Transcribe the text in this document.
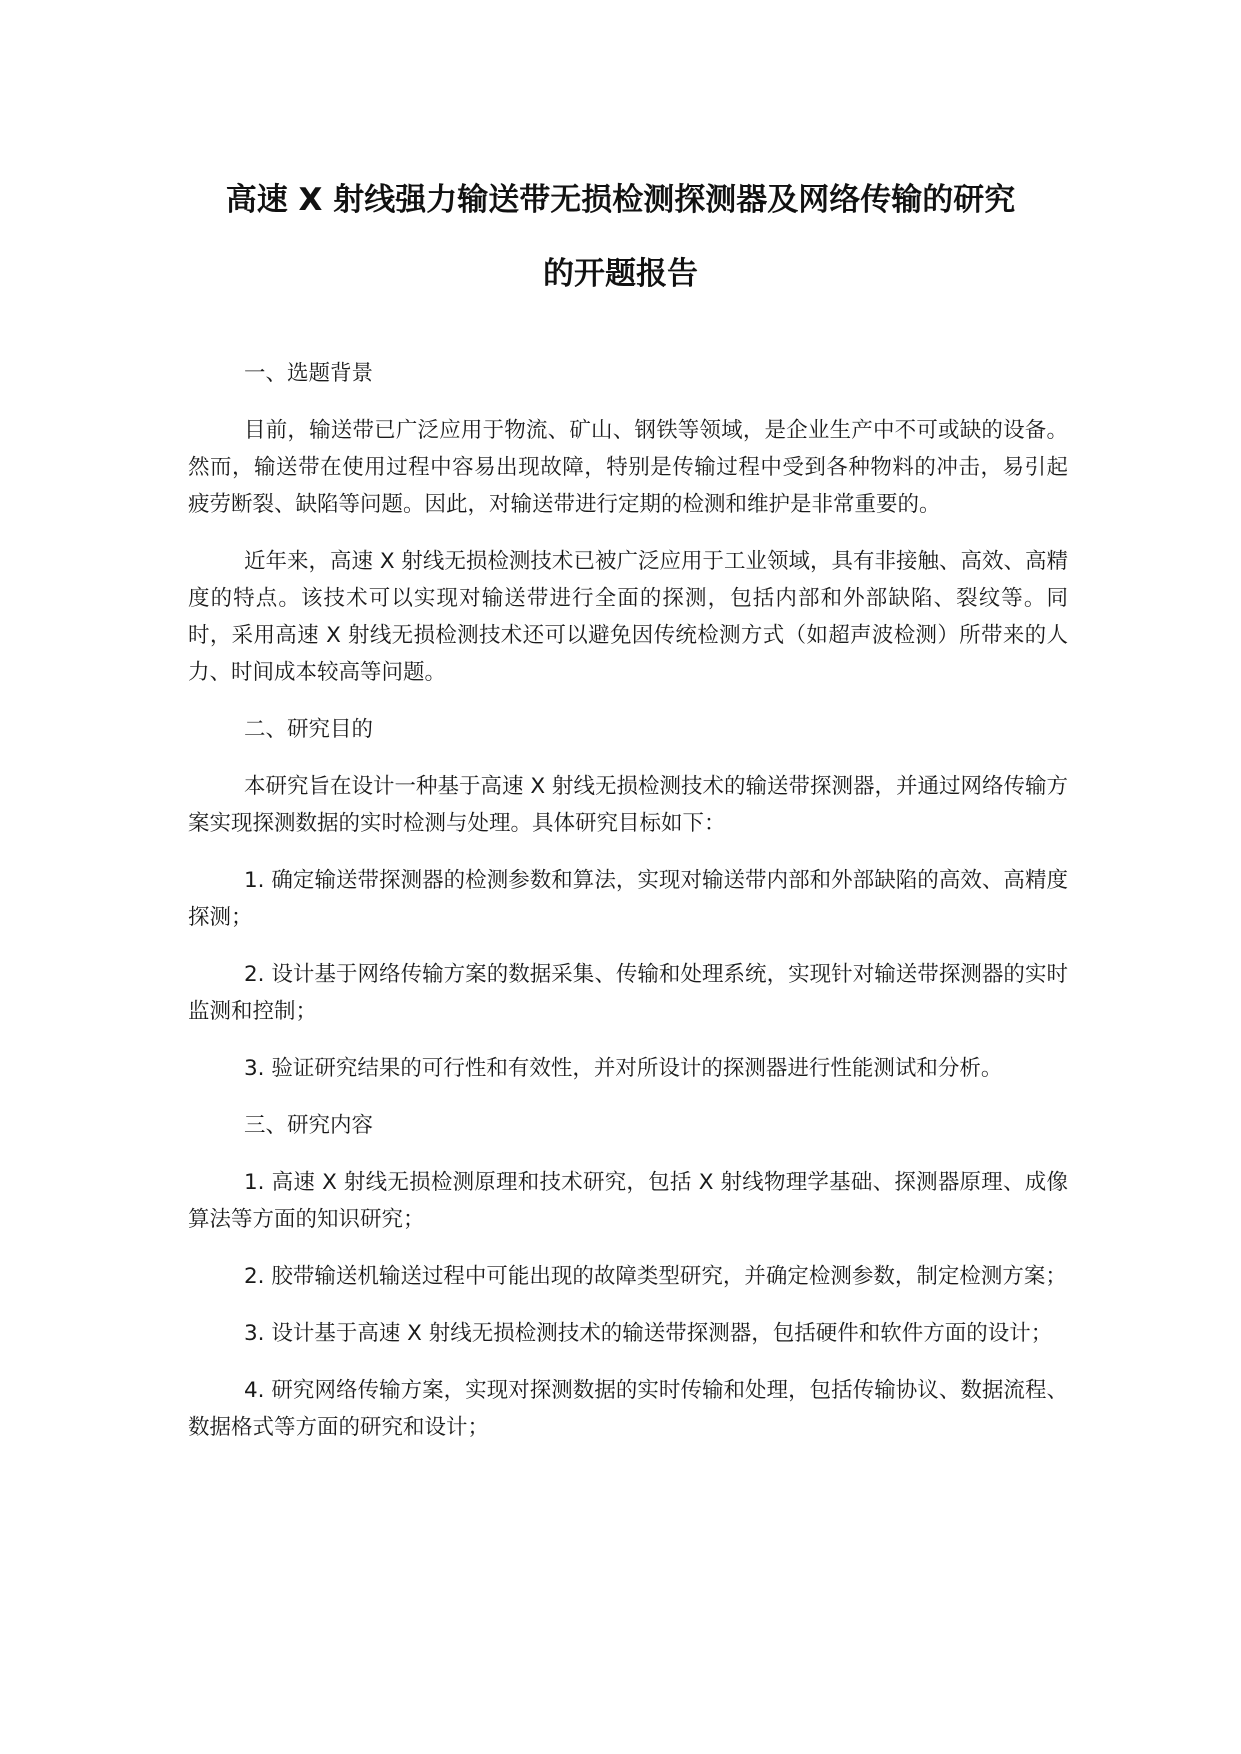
高速 X 射线强力输送带无损检测探测器及网络传输的研究
的开题报告

一、选题背景

目前，输送带已广泛应用于物流、矿山、钢铁等领域，是企业生产中不可或缺的设备。然而，输送带在使用过程中容易出现故障，特别是传输过程中受到各种物料的冲击，易引起疲劳断裂、缺陷等问题。因此，对输送带进行定期的检测和维护是非常重要的。

近年来，高速 X 射线无损检测技术已被广泛应用于工业领域，具有非接触、高效、高精度的特点。该技术可以实现对输送带进行全面的探测，包括内部和外部缺陷、裂纹等。同时，采用高速 X 射线无损检测技术还可以避免因传统检测方式（如超声波检测）所带来的人力、时间成本较高等问题。

二、研究目的

本研究旨在设计一种基于高速 X 射线无损检测技术的输送带探测器，并通过网络传输方案实现探测数据的实时检测与处理。具体研究目标如下：

1. 确定输送带探测器的检测参数和算法，实现对输送带内部和外部缺陷的高效、高精度探测；

2. 设计基于网络传输方案的数据采集、传输和处理系统，实现针对输送带探测器的实时监测和控制；

3. 验证研究结果的可行性和有效性，并对所设计的探测器进行性能测试和分析。

三、研究内容

1. 高速 X 射线无损检测原理和技术研究，包括 X 射线物理学基础、探测器原理、成像算法等方面的知识研究；

2. 胶带输送机输送过程中可能出现的故障类型研究，并确定检测参数，制定检测方案；

3. 设计基于高速 X 射线无损检测技术的输送带探测器，包括硬件和软件方面的设计；

4. 研究网络传输方案，实现对探测数据的实时传输和处理，包括传输协议、数据流程、数据格式等方面的研究和设计；
